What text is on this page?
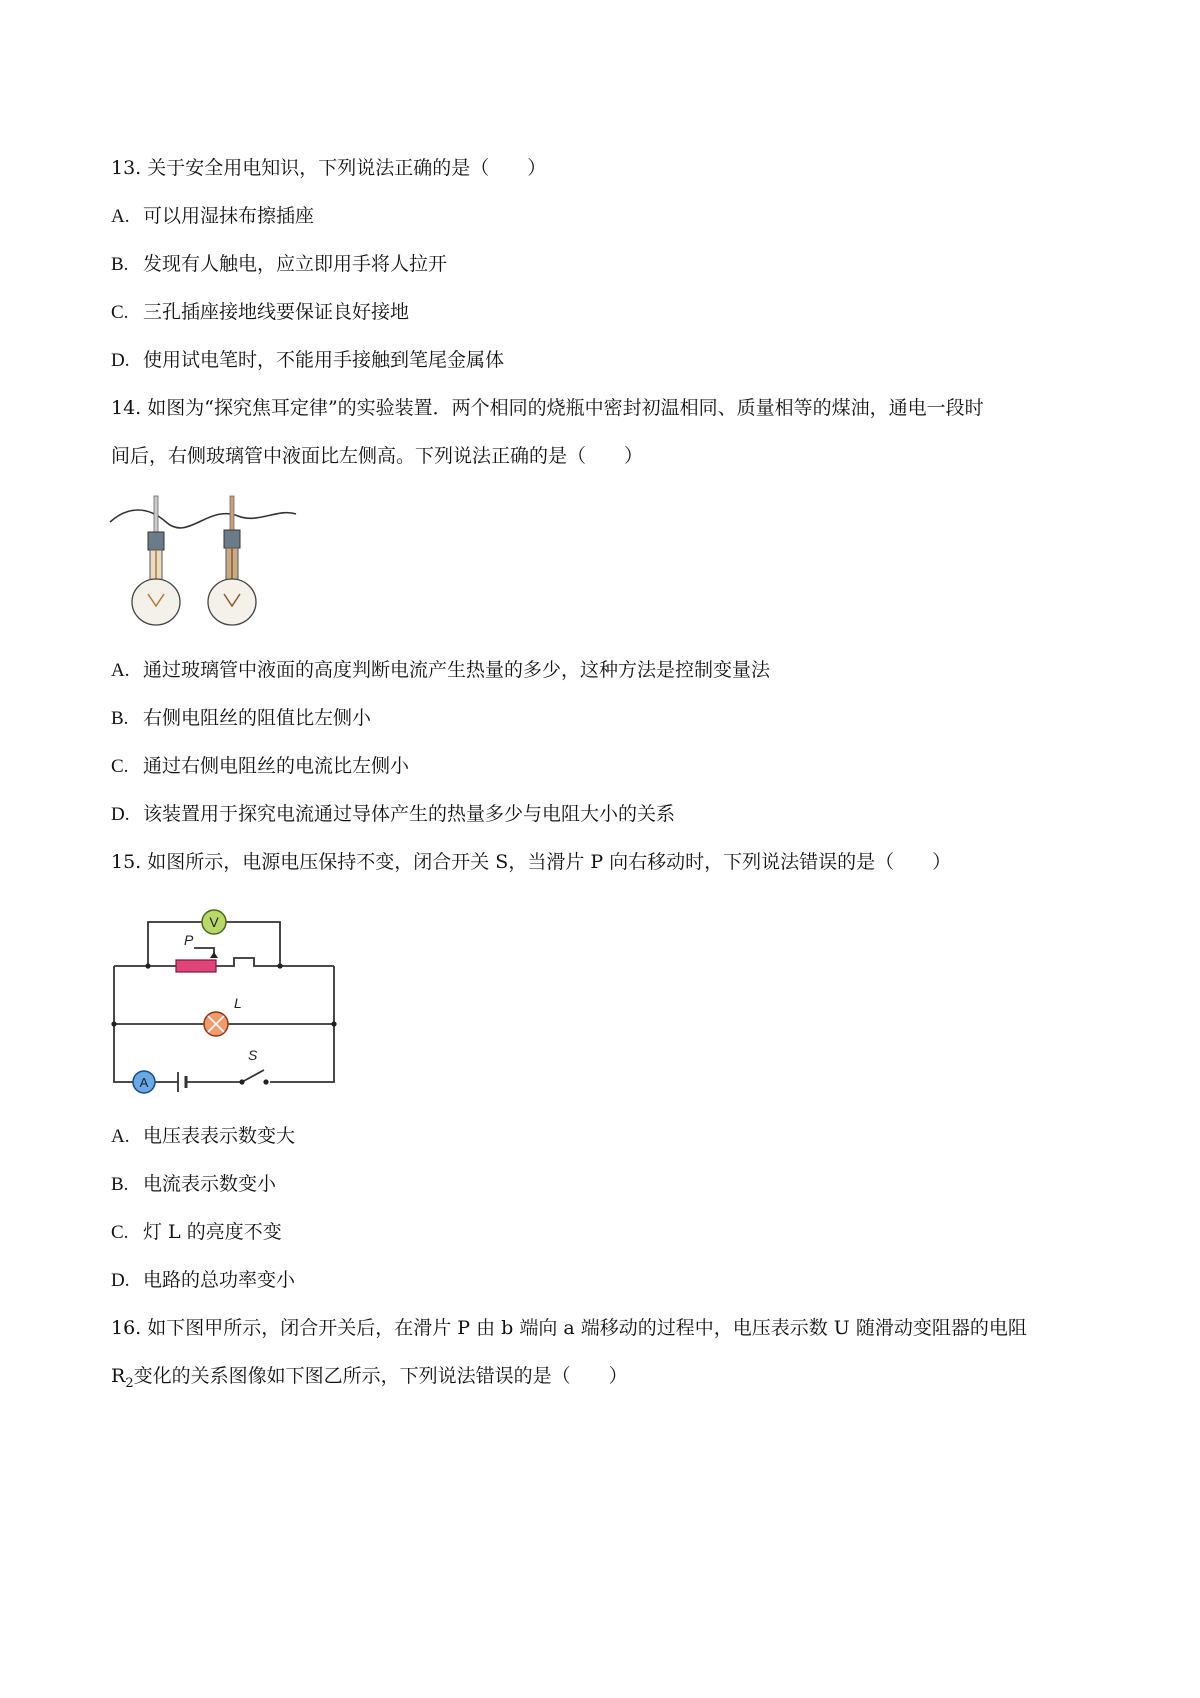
13. 关于安全用电知识，下列说法正确的是（　　）
A. 可以用湿抹布擦插座
B. 发现有人触电，应立即用手将人拉开
C. 三孔插座接地线要保证良好接地
D. 使用试电笔时，不能用手接触到笔尾金属体
14. 如图为“探究焦耳定律”的实验装置．两个相同的烧瓶中密封初温相同、质量相等的煤油，通电一段时
间后，右侧玻璃管中液面比左侧高。下列说法正确的是（　　）
A. 通过玻璃管中液面的高度判断电流产生热量的多少，这种方法是控制变量法
B. 右侧电阻丝的阻值比左侧小
C. 通过右侧电阻丝的电流比左侧小
D. 该装置用于探究电流通过导体产生的热量多少与电阻大小的关系
15. 如图所示，电源电压保持不变，闭合开关 S，当滑片 P 向右移动时，下列说法错误的是（　　）
V
P
L
A
S
A. 电压表表示数变大
B. 电流表示数变小
C. 灯 L 的亮度不变
D. 电路的总功率变小
16. 如下图甲所示，闭合开关后，在滑片 P 由 b 端向 a 端移动的过程中，电压表示数 U 随滑动变阻器的电阻
$R_2$变化的关系图像如下图乙所示，下列说法错误的是（　　）
